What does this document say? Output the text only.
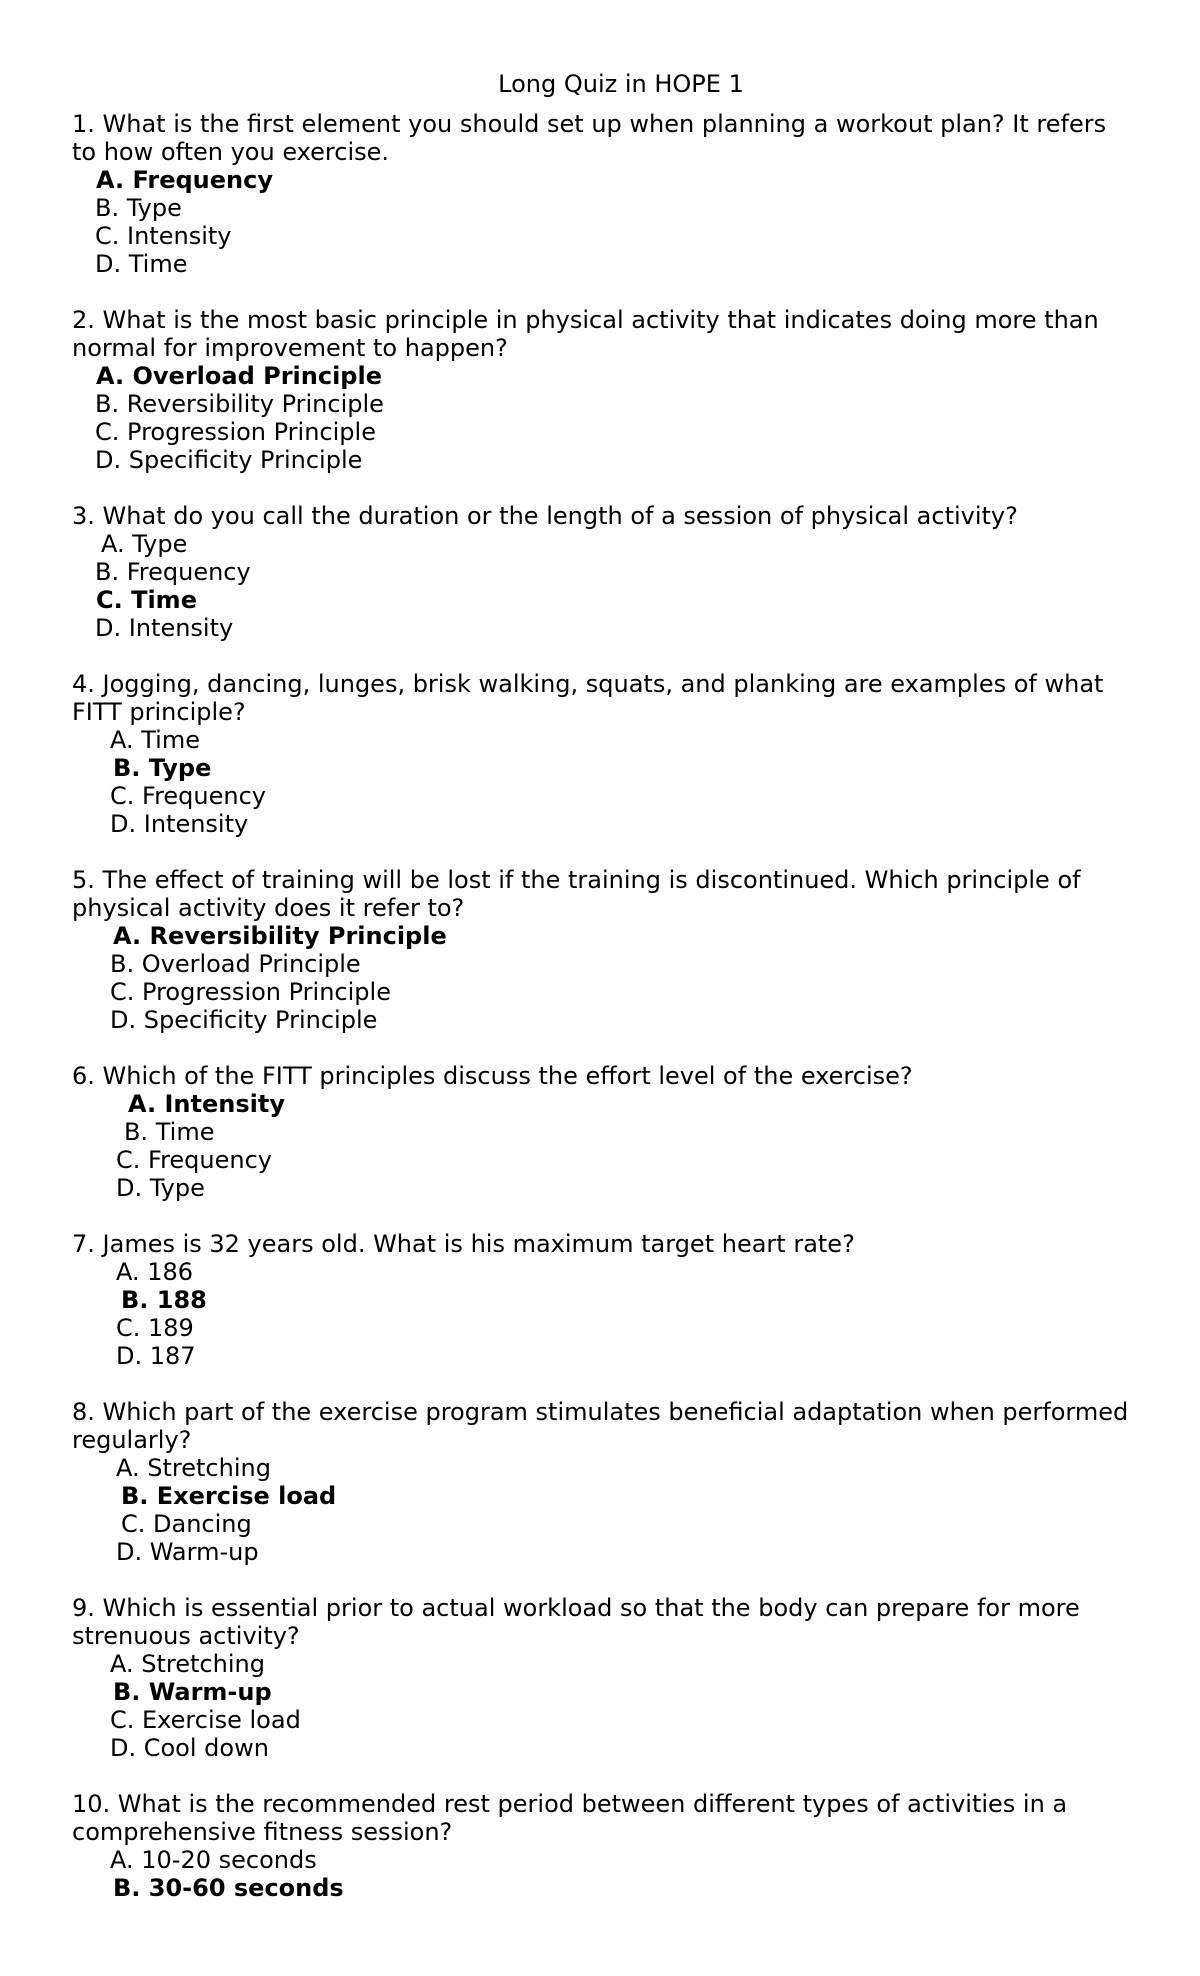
Long Quiz in HOPE 1

1. What is the first element you should set up when planning a workout plan? It refers to how often you exercise.

A. Frequency
B. Type
C. Intensity
D. Time

2. What is the most basic principle in physical activity that indicates doing more than normal for improvement to happen?

A. Overload Principle
B. Reversibility Principle
C. Progression Principle
D. Specificity Principle

3. What do you call the duration or the length of a session of physical activity?

A. Type
B. Frequency
C. Time
D. Intensity

4. Jogging, dancing, lunges, brisk walking, squats, and planking are examples of what FITT principle?

A. Time
B. Type
C. Frequency
D. Intensity

5. The effect of training will be lost if the training is discontinued. Which principle of physical activity does it refer to?

A. Reversibility Principle
B. Overload Principle
C. Progression Principle
D. Specificity Principle

6. Which of the FITT principles discuss the effort level of the exercise?

A. Intensity
B. Time
C. Frequency
D. Type

7. James is 32 years old. What is his maximum target heart rate?

A. 186
B. 188
C. 189
D. 187

8. Which part of the exercise program stimulates beneficial adaptation when performed regularly?

A. Stretching
B. Exercise load
C. Dancing
D. Warm-up

9. Which is essential prior to actual workload so that the body can prepare for more strenuous activity?

A. Stretching
B. Warm-up
C. Exercise load
D. Cool down

10. What is the recommended rest period between different types of activities in a comprehensive fitness session?

A. 10-20 seconds
B. 30-60 seconds
